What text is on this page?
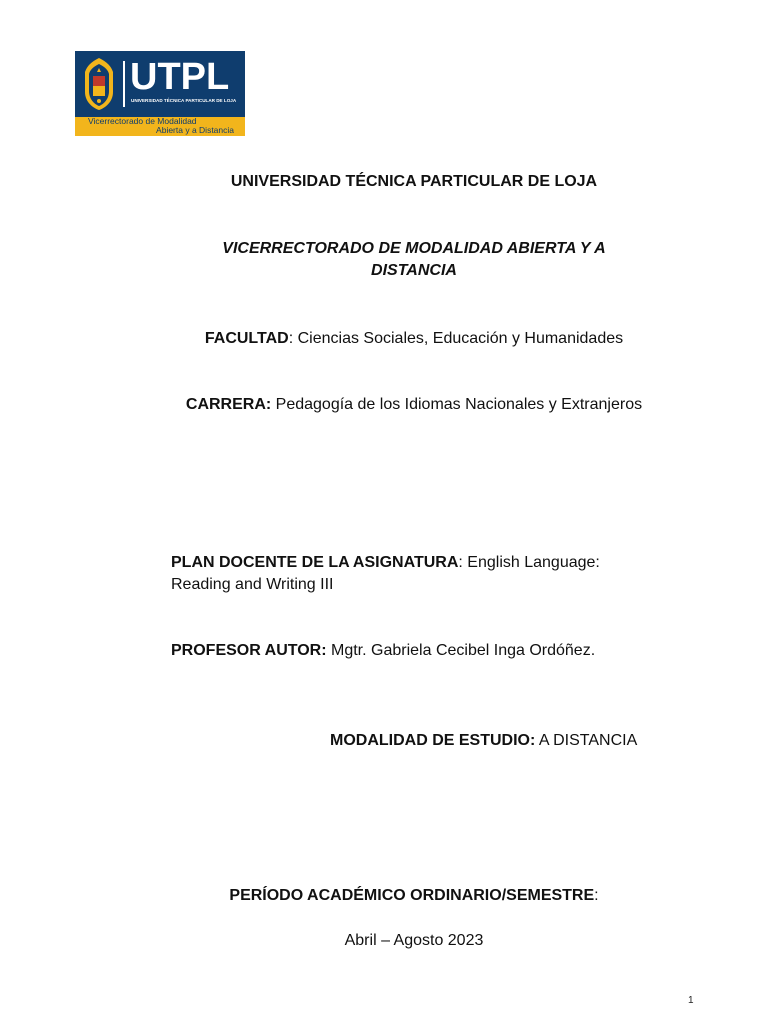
UTPL
UNIVERSIDAD TÉCNICA PARTICULAR DE LOJA
Vicerrectorado de Modalidad
Abierta y a Distancia
UNIVERSIDAD TÉCNICA PARTICULAR DE LOJA
VICERRECTORADO DE MODALIDAD ABIERTA Y A
DISTANCIA
FACULTAD: Ciencias Sociales, Educación y Humanidades
CARRERA: Pedagogía de los Idiomas Nacionales y Extranjeros
PLAN DOCENTE DE LA ASIGNATURA: English Language:
Reading and Writing III
PROFESOR AUTOR: Mgtr. Gabriela Cecibel Inga Ordóñez.
MODALIDAD DE ESTUDIO: A DISTANCIA
PERÍODO ACADÉMICO ORDINARIO/SEMESTRE:
Abril – Agosto 2023
1
